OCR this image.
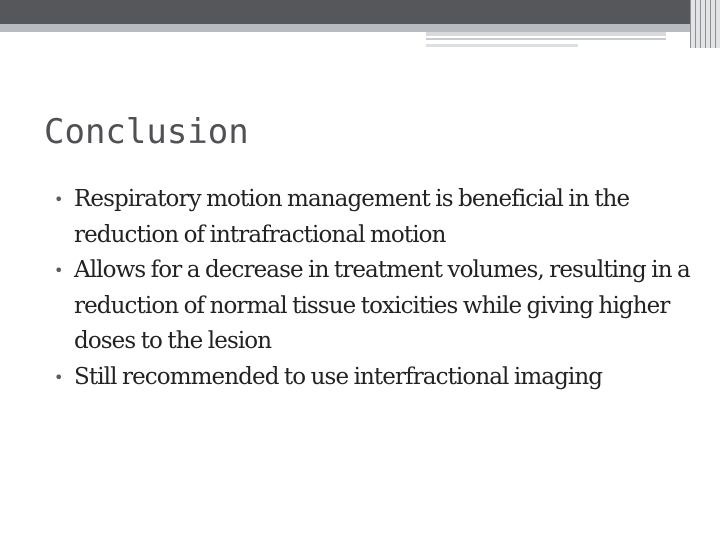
Conclusion
• Respiratory motion management is beneficial in the reduction of intrafractional motion
• Allows for a decrease in treatment volumes, resulting in a reduction of normal tissue toxicities while giving higher doses to the lesion
• Still recommended to use interfractional imaging
